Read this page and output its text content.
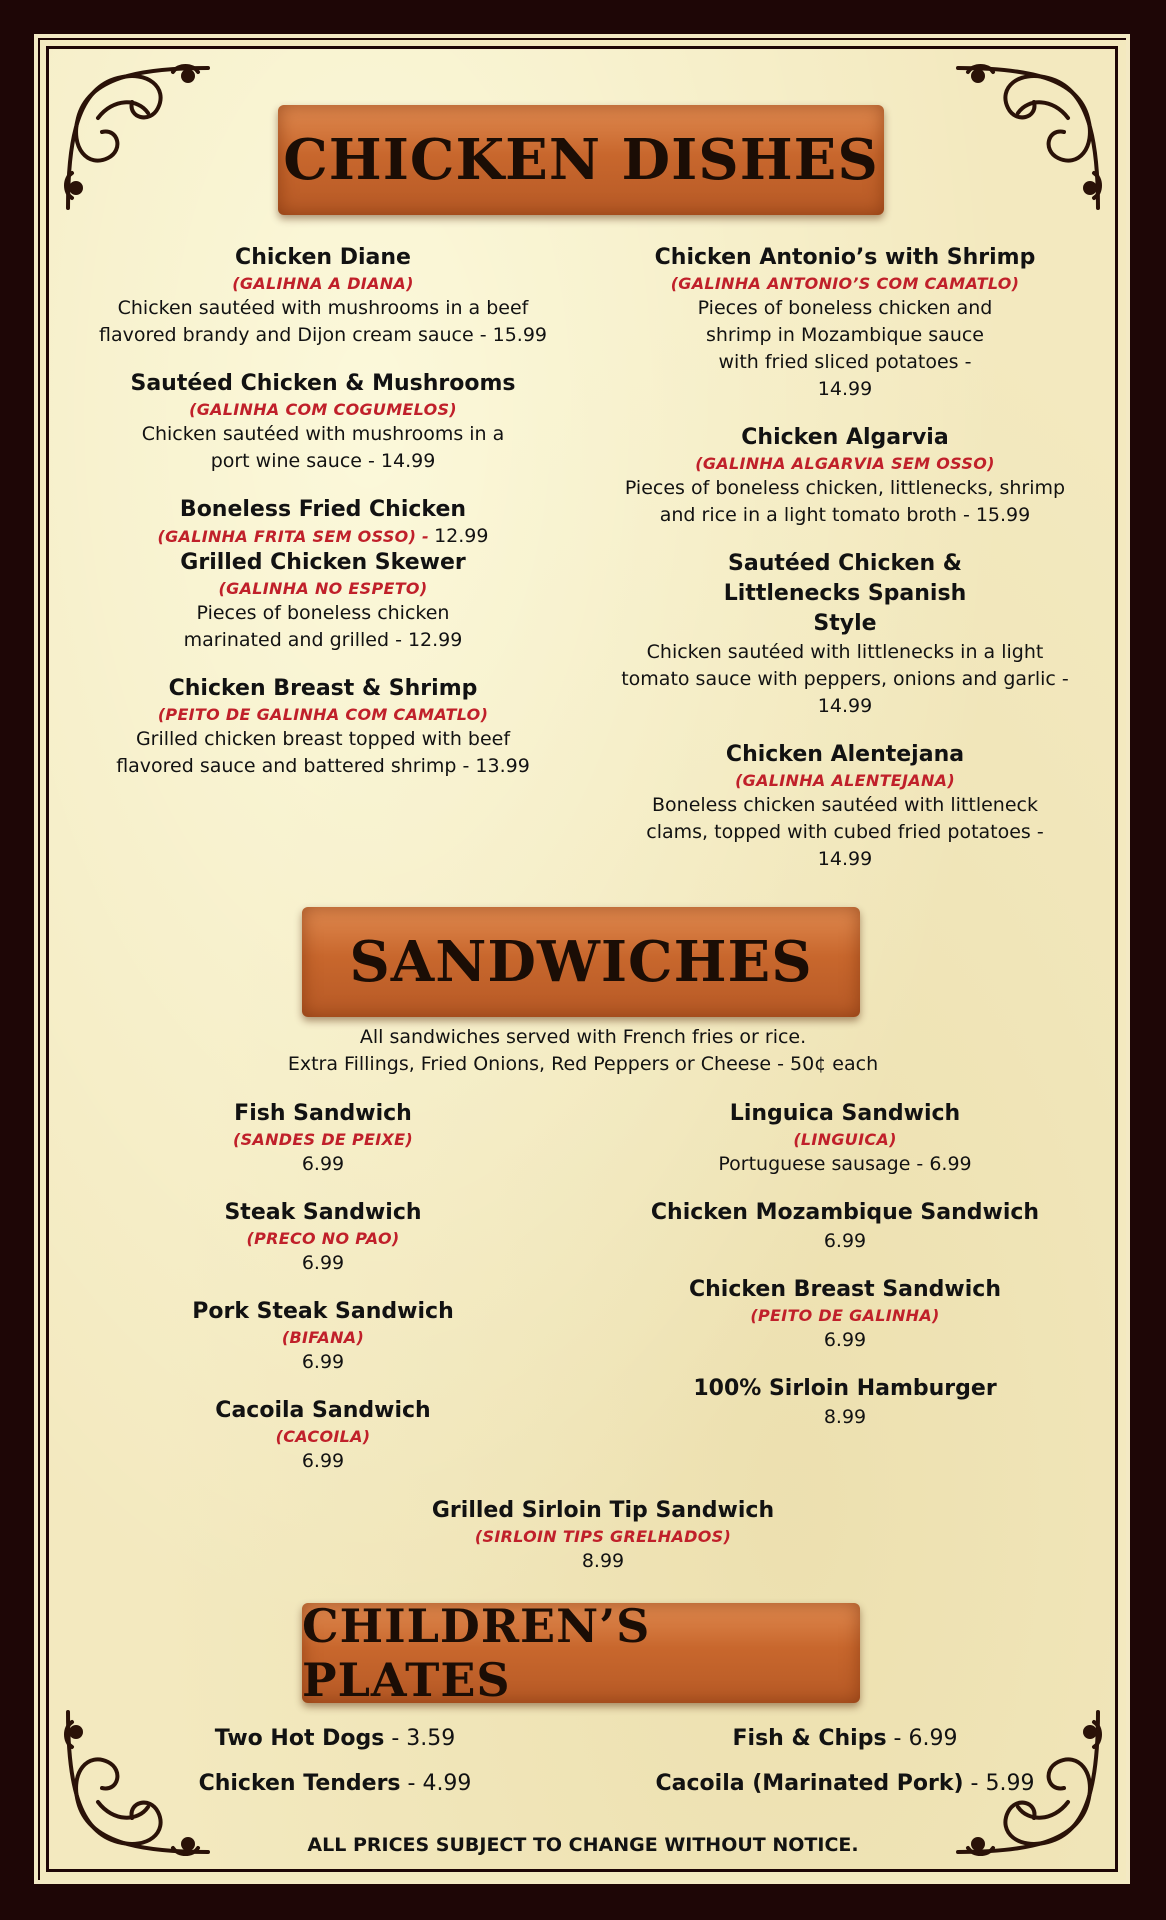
CHICKEN DISHES
Chicken Diane
(GALIHNA A DIANA)
Chicken sautéed with mushrooms in a beef flavored brandy and Dijon cream sauce - 15.99
Sautéed Chicken & Mushrooms
(GALINHA COM COGUMELOS)
Chicken sautéed with mushrooms in a port wine sauce - 14.99
Boneless Fried Chicken
(GALINHA FRITA SEM OSSO) - 12.99
Grilled Chicken Skewer
(GALINHA NO ESPETO)
Pieces of boneless chicken marinated and grilled - 12.99
Chicken Breast & Shrimp
(PEITO DE GALINHA COM CAMATLO)
Grilled chicken breast topped with beef flavored sauce and battered shrimp - 13.99
Chicken Antonio’s with Shrimp
(GALINHA ANTONIO’S COM CAMATLO)
Pieces of boneless chicken and shrimp in Mozambique sauce with fried sliced potatoes - 14.99
Chicken Algarvia
(GALINHA ALGARVIA SEM OSSO)
Pieces of boneless chicken, littlenecks, shrimp and rice in a light tomato broth - 15.99
Sautéed Chicken & Littlenecks Spanish Style
Chicken sautéed with littlenecks in a light tomato sauce with peppers, onions and garlic - 14.99
Chicken Alentejana
(GALINHA ALENTEJANA)
Boneless chicken sautéed with littleneck clams, topped with cubed fried potatoes - 14.99
SANDWICHES
All sandwiches served with French fries or rice.
Extra Fillings, Fried Onions, Red Peppers or Cheese - 50¢ each
Fish Sandwich
(SANDES DE PEIXE)
6.99
Steak Sandwich
(PRECO NO PAO)
6.99
Pork Steak Sandwich
(BIFANA)
6.99
Cacoila Sandwich
(CACOILA)
6.99
Linguica Sandwich
(LINGUICA)
Portuguese sausage - 6.99
Chicken Mozambique Sandwich
6.99
Chicken Breast Sandwich
(PEITO DE GALINHA)
6.99
100% Sirloin Hamburger
8.99
Grilled Sirloin Tip Sandwich
(SIRLOIN TIPS GRELHADOS)
8.99
CHILDREN’S PLATES
Two Hot Dogs - 3.59
Chicken Tenders - 4.99
Fish & Chips - 6.99
Cacoila (Marinated Pork) - 5.99
ALL PRICES SUBJECT TO CHANGE WITHOUT NOTICE.
